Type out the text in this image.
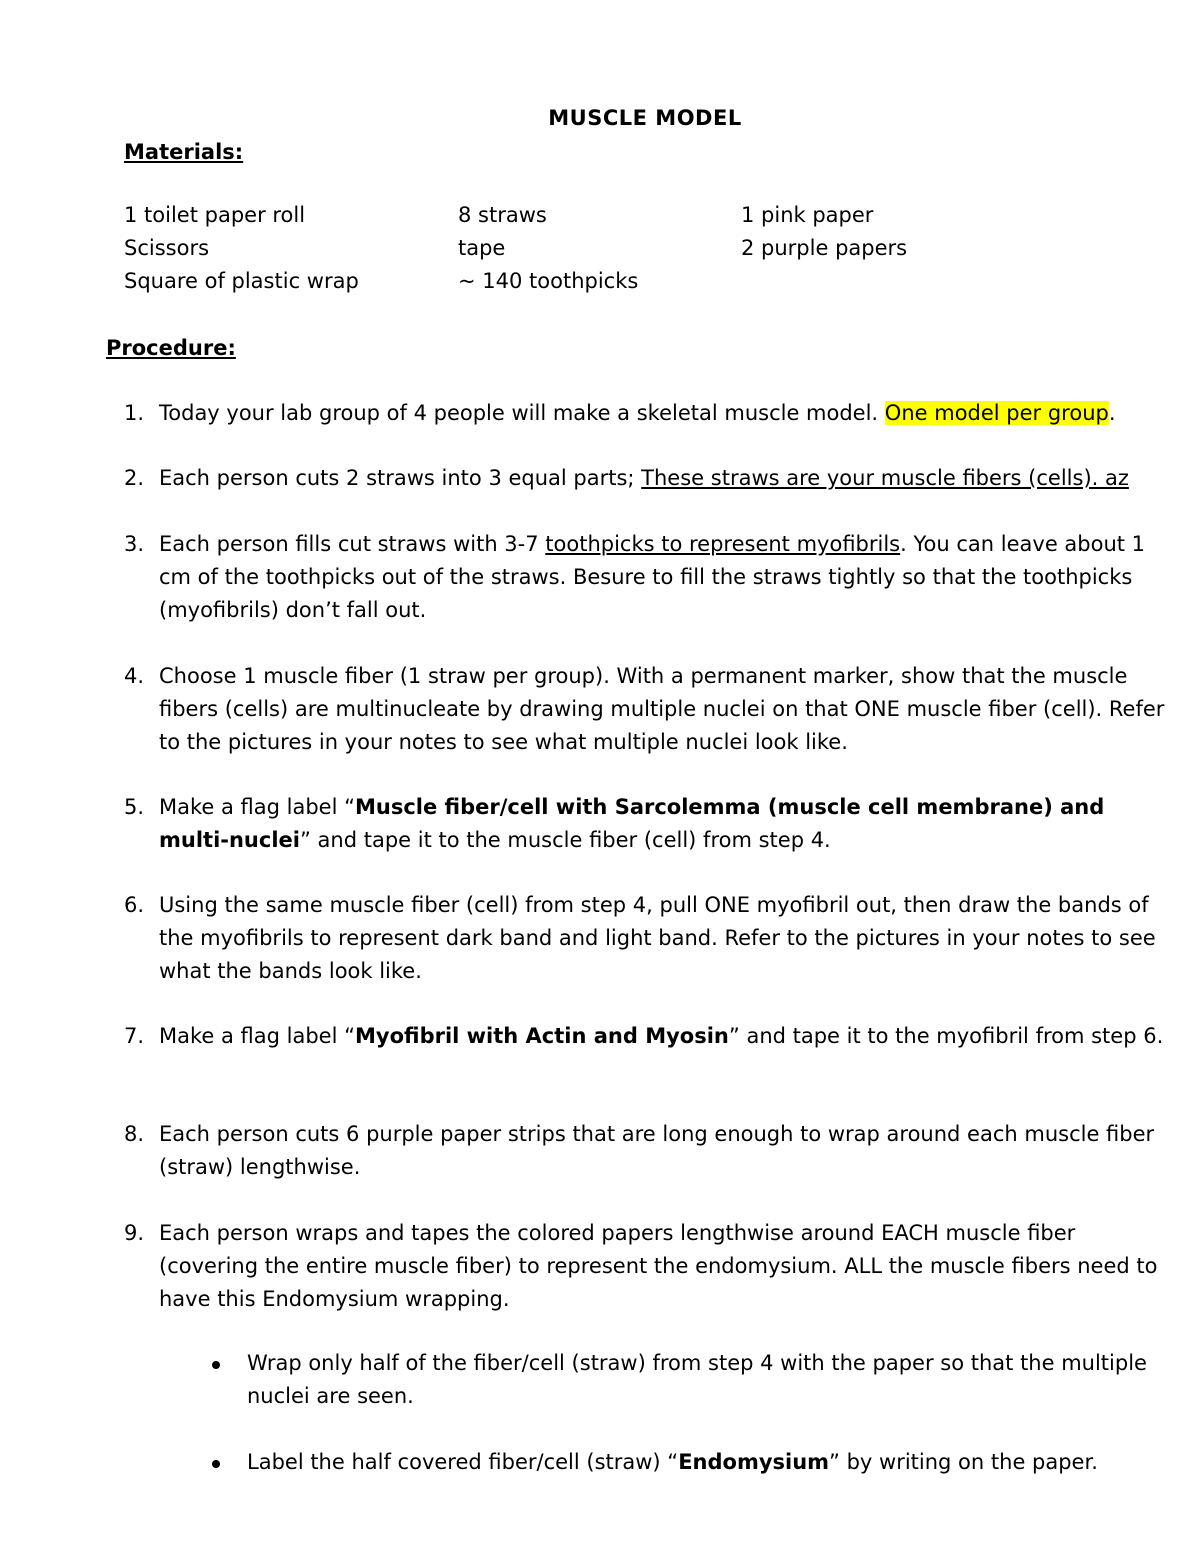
MUSCLE MODEL
Materials:
1 toilet paper roll
Scissors
Square of plastic wrap
8 straws
tape
~ 140 toothpicks
1 pink paper
2 purple papers
Procedure:
1. Today your lab group of 4 people will make a skeletal muscle model. One model per group.
2. Each person cuts 2 straws into 3 equal parts; These straws are your muscle fibers (cells). az
3. Each person fills cut straws with 3-7 toothpicks to represent myofibrils. You can leave about 1 cm of the toothpicks out of the straws. Besure to fill the straws tightly so that the toothpicks (myofibrils) don’t fall out.
4. Choose 1 muscle fiber (1 straw per group). With a permanent marker, show that the muscle fibers (cells) are multinucleate by drawing multiple nuclei on that ONE muscle fiber (cell). Refer to the pictures in your notes to see what multiple nuclei look like.
5. Make a flag label “Muscle fiber/cell with Sarcolemma (muscle cell membrane) and multi-nuclei” and tape it to the muscle fiber (cell) from step 4.
6. Using the same muscle fiber (cell) from step 4, pull ONE myofibril out, then draw the bands of the myofibrils to represent dark band and light band. Refer to the pictures in your notes to see what the bands look like.
7. Make a flag label “Myofibril with Actin and Myosin” and tape it to the myofibril from step 6.
8. Each person cuts 6 purple paper strips that are long enough to wrap around each muscle fiber (straw) lengthwise.
9. Each person wraps and tapes the colored papers lengthwise around EACH muscle fiber (covering the entire muscle fiber) to represent the endomysium. ALL the muscle fibers need to have this Endomysium wrapping.
Wrap only half of the fiber/cell (straw) from step 4 with the paper so that the multiple nuclei are seen.
Label the half covered fiber/cell (straw) “Endomysium” by writing on the paper.
